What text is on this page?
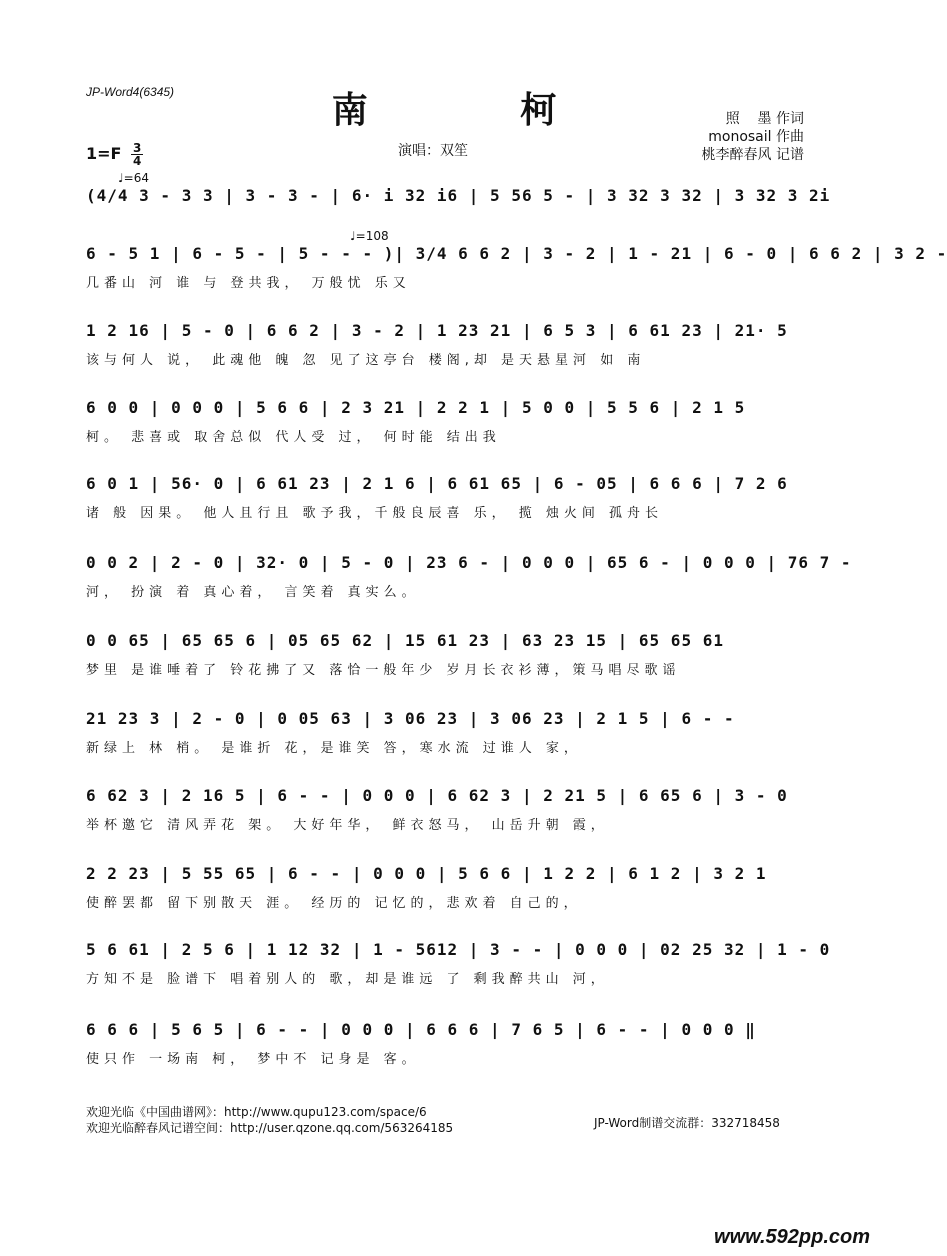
JP-Word4(6345)	南 柯	照    墨 作词
monosail 作曲
桃李醉春风 记谱
$1=F \frac{3}{4}$	演唱：双笙
♩=64
♩=108
(4/4 3 - 3 3 | 3 - 3 - | 6· i 32 i6 | 5 56 5 - | 3 32 3 32 | 3 32 3 2i
6 - 5 1 | 6 - 5 - | 5 - - - )| 3/4 6 6 2 | 3 - 2 | 1 - 21 | 6 - 0 | 6 6 2 | 3 2 -
几番山 河 谁 与 登共我， 万般忧 乐又
1 2 16 | 5 - 0 | 6 6 2 | 3 - 2 | 1 23 21 | 6 5 3 | 6 61 23 | 21· 5
该与何人 说， 此魂他 魄 忽 见了这亭台 楼阁,却 是天悬星河 如 南
6 0 0 | 0 0 0 | 5 6 6 | 2 3 21 | 2 2 1 | 5 0 0 | 5 5 6 | 2 1 5
柯。 悲喜或 取舍总似 代人受 过， 何时能 结出我
6 0 1 | 56· 0 | 6 61 23 | 2 1 6 | 6 61 65 | 6 - 05 | 6 6 6 | 7 2 6
诸 般 因果。 他人且行且 歌予我，千般良辰喜 乐， 揽 烛火间 孤舟长
0 0 2 | 2 - 0 | 32· 0 | 5 - 0 | 23 6 - | 0 0 0 | 65 6 - | 0 0 0 | 76 7 -
河， 扮演 着 真心着， 言笑着 真实么。
0 0 65 | 65 65 6 | 05 65 62 | 15 61 23 | 63 23 15 | 65 65 61
梦里 是谁唾着了 铃花拂了又 落恰一般年少 岁月长衣衫薄，策马唱尽歌谣
21 23 3 | 2 - 0 | 0 05 63 | 3 06 23 | 3 06 23 | 2 1 5 | 6 - -
新绿上 林 梢。 是谁折 花，是谁笑 答，寒水流 过谁人 家，
6 62 3 | 2 16 5 | 6 - - | 0 0 0 | 6 62 3 | 2 21 5 | 6 65 6 | 3 - 0
举杯邀它 清风弄花 架。 大好年华， 鲜衣怒马， 山岳升朝 霞，
2 2 23 | 5 55 65 | 6 - - | 0 0 0 | 5 6 6 | 1 2 2 | 6 1 2 | 3 2 1
使醉罢都 留下别散天 涯。 经历的 记忆的，悲欢着 自己的，
5 6 61 | 2 5 6 | 1 12 32 | 1 - 5612 | 3 - - | 0 0 0 | 02 25 32 | 1 - 0
方知不是 脸谱下 唱着别人的 歌，却是谁远 了 剩我醉共山 河，
6 6 6 | 5 6 5 | 6 - - | 0 0 0 | 6 6 6 | 7 6 5 | 6 - - | 0 0 0 ‖
使只作 一场南 柯， 梦中不 记身是 客。
欢迎光临《中国曲谱网》：http://www.qupu123.com/space/6
欢迎光临醉春风记谱空间：http://user.qzone.qq.com/563264185	JP-Word制谱交流群：332718458
www.592pp.com
